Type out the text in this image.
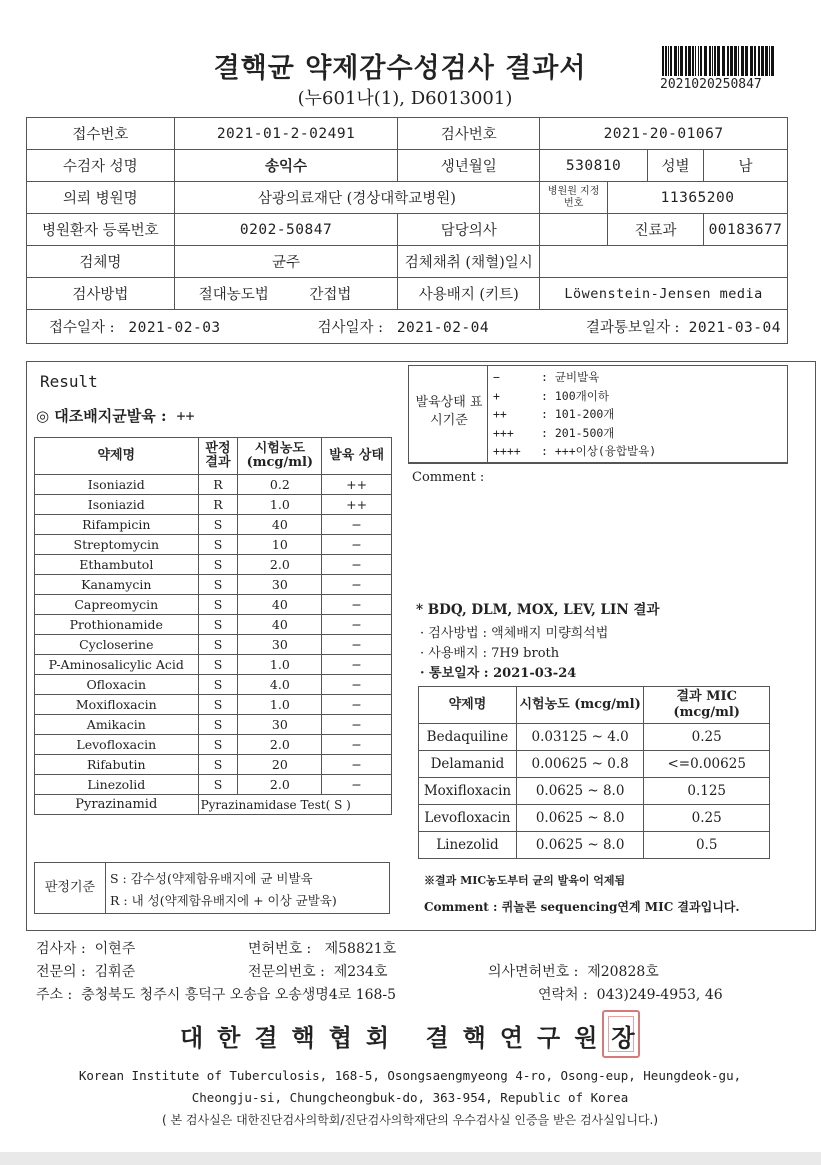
결핵균 약제감수성검사 결과서
(누601나(1), D6013001)
2021020250847
접수번호	2021-01-2-02491	검사번호	2021-20-01067			
수검자 성명	송익수	생년월일	530810		성별	남
의뢰 병원명	삼광의료재단 (경상대학교병원)		병원원 지정번호	11365200		
병원환자 등록번호	0202-50847	담당의사		진료과		00183677
검체명	균주	검체채취 (채혈)일시				
검사방법	절대농도법 간접법	사용배지 (키트)	Löwenstein-Jensen media			

접수일자 : 2021-02-03 검사일자 : 2021-02-04 결과통보일자 : 2021-03-04						
Result
◎ 대조배지균발육 : ++
약제명	판정 결과	시험농도 (mcg/ml)	발육 상태
Isoniazid	R	0.2	++
Isoniazid	R	1.0	++
Rifampicin	S	40	−
Streptomycin	S	10	−
Ethambutol	S	2.0	−
Kanamycin	S	30	−
Capreomycin	S	40	−
Prothionamide	S	40	−
Cycloserine	S	30	−
P-Aminosalicylic Acid	S	1.0	−
Ofloxacin	S	4.0	−
Moxifloxacin	S	1.0	−
Amikacin	S	30	−
Levofloxacin	S	2.0	−
Rifabutin	S	20	−
Linezolid	S	2.0	−
Pyrazinamid	Pyrazinamidase Test( S )		
발육상태 표시기준
−	: 균비발육
+	: 100개이하
++	: 101-200개
+++ : 201-500개
++++ : +++이상(융합발육)
Comment :
* BDQ, DLM, MOX, LEV, LIN 결과
· 검사방법 : 액체배지 미량희석법
· 사용배지 : 7H9 broth
· 통보일자 : 2021-03-24
약제명	시험농도 (mcg/ml)	결과 MIC (mcg/ml)
Bedaquiline	0.03125 ~ 4.0	0.25
Delamanid	0.00625 ~ 0.8	<=0.00625
Moxifloxacin	0.0625 ~ 8.0	0.125
Levofloxacin	0.0625 ~ 8.0	0.25
Linezolid	0.0625 ~ 8.0	0.5
※결과 MIC농도부터 균의 발육이 억제됨
Comment : 퀴놀론 sequencing연계 MIC 결과입니다.
판정기준
S : 감수성(약제함유배지에 균 비발육
R : 내 성(약제함유배지에 + 이상 균발육)
검사자 : 이현주	면허번호 : 제58821호
전문의 : 김휘준	전문의번호 : 제234호	의사면허번호 : 제20828호
주소 : 충청북도 청주시 흥덕구 오송읍 오송생명4로 168-5	연락처 : 043)249-4953, 46
대한결핵협회 결핵연구원 장
Korean Institute of Tuberculosis, 168-5, Osongsaengmyeong 4-ro, Osong-eup, Heungdeok-gu,
Cheongju-si, Chungcheongbuk-do, 363-954, Republic of Korea
( 본 검사실은 대한진단검사의학회/진단검사의학재단의 우수검사실 인증을 받은 검사실입니다.)
